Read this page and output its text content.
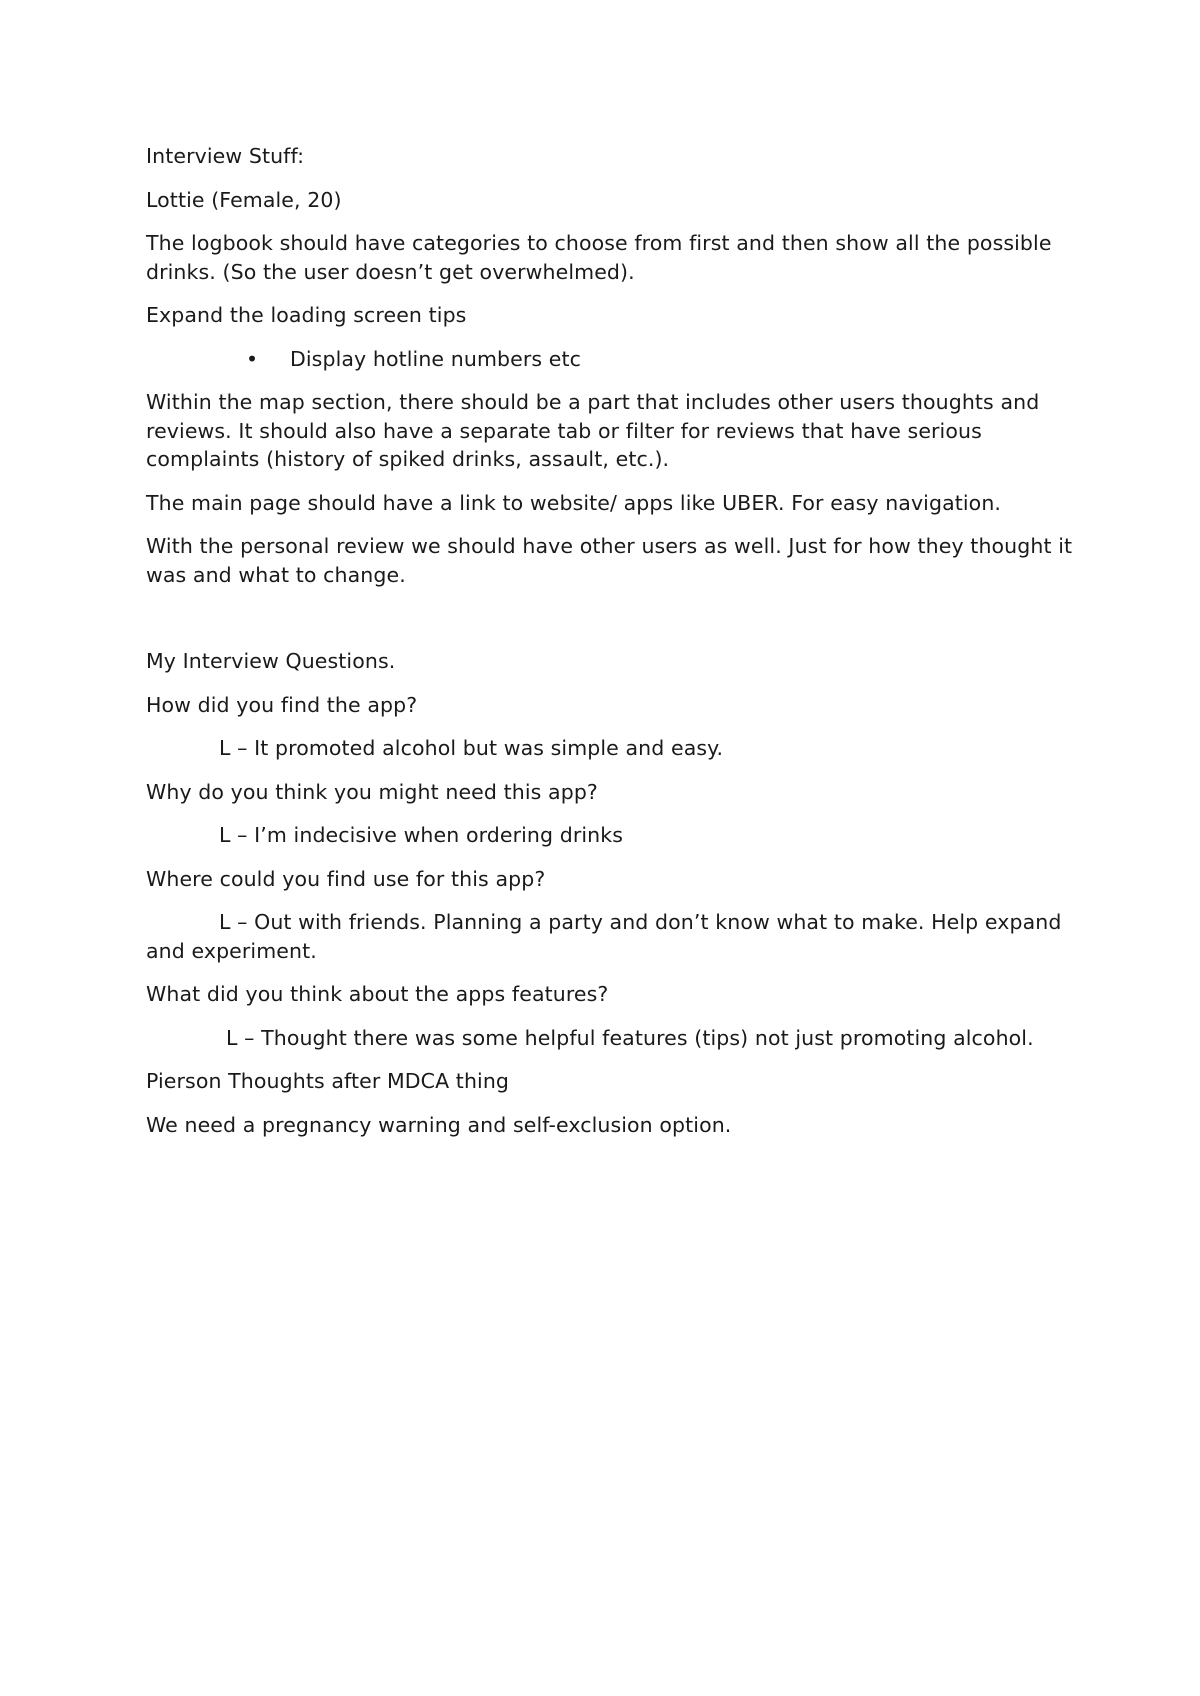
Interview Stuff:

Lottie (Female, 20)

The logbook should have categories to choose from first and then show all the possible drinks. (So the user doesn’t get overwhelmed).

Expand the loading screen tips

• Display hotline numbers etc

Within the map section, there should be a part that includes other users thoughts and reviews. It should also have a separate tab or filter for reviews that have serious complaints (history of spiked drinks, assault, etc.).

The main page should have a link to website/ apps like UBER. For easy navigation.

With the personal review we should have other users as well. Just for how they thought it was and what to change.

My Interview Questions.

How did you find the app?

L – It promoted alcohol but was simple and easy.

Why do you think you might need this app?

L – I’m indecisive when ordering drinks

Where could you find use for this app?

L – Out with friends. Planning a party and don’t know what to make. Help expand and experiment.

What did you think about the apps features?

L – Thought there was some helpful features (tips) not just promoting alcohol.

Pierson Thoughts after MDCA thing

We need a pregnancy warning and self-exclusion option.
